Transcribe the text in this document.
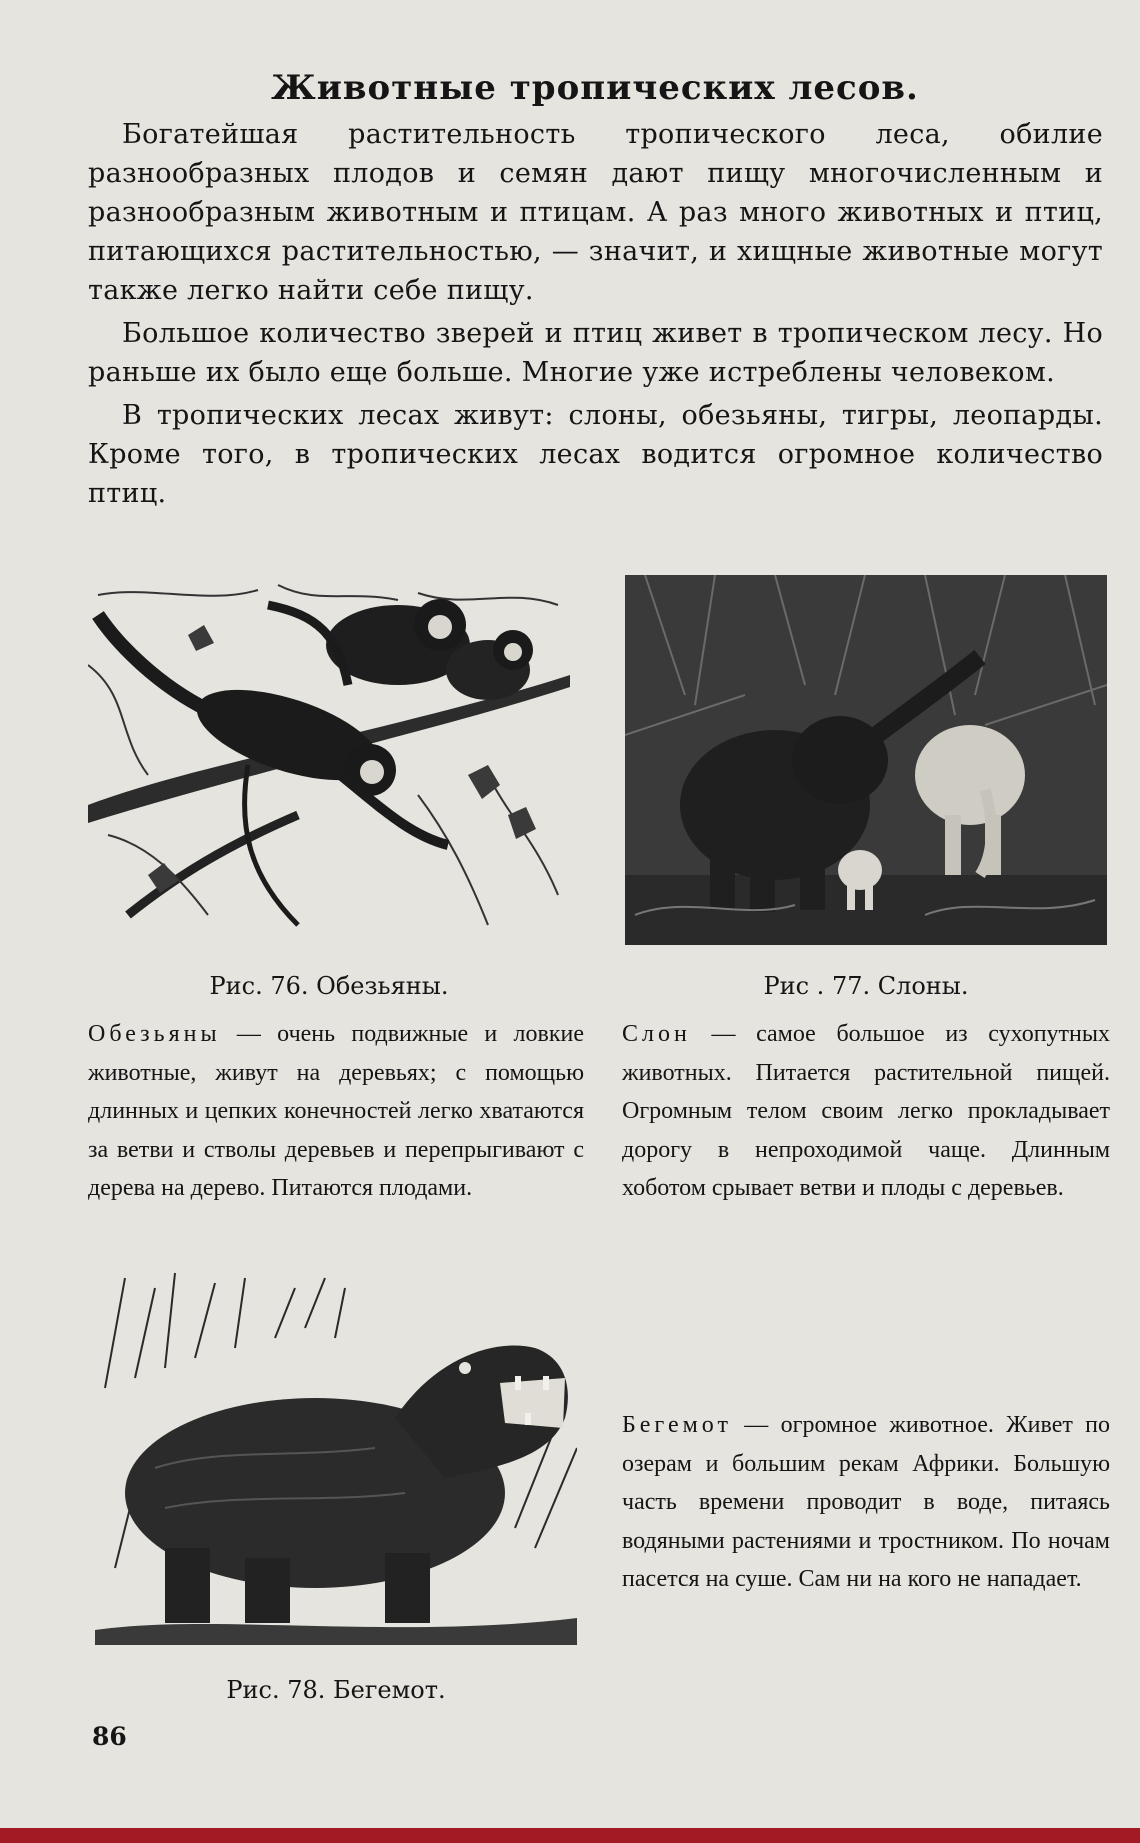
Животные тропических лесов.

Богатейшая растительность тропического леса, обилие разнообразных плодов и семян дают пищу многочисленным и разнообразным животным и птицам. А раз много животных и птиц, питающихся растительностью, — значит, и хищные животные могут также легко найти себе пищу.

Большое количество зверей и птиц живет в тропическом лесу. Но раньше их было еще больше. Многие уже истреблены человеком.

В тропических лесах живут: слоны, обезьяны, тигры, леопарды. Кроме того, в тропических лесах водится огромное количество птиц.

Рис. 76. Обезьяны.	Рис . 77. Слоны.
Обезьяны — очень подвижные и ловкие животные, живут на деревьях; с помощью длинных и цепких конечностей легко хватаются за ветви и стволы деревьев и перепрыгивают с дерева на дерево. Питаются плодами.
Слон — самое большое из сухопутных животных. Питается растительной пищей. Огромным телом своим легко прокладывает дорогу в непроходимой чаще. Длинным хоботом срывает ветви и плоды с деревьев.
Рис. 78. Бегемот.
Бегемот — огромное животное. Живет по озерам и большим рекам Африки. Большую часть времени проводит в воде, питаясь водяными растениями и тростником. По ночам пасется на суше. Сам ни на кого не нападает.
86
